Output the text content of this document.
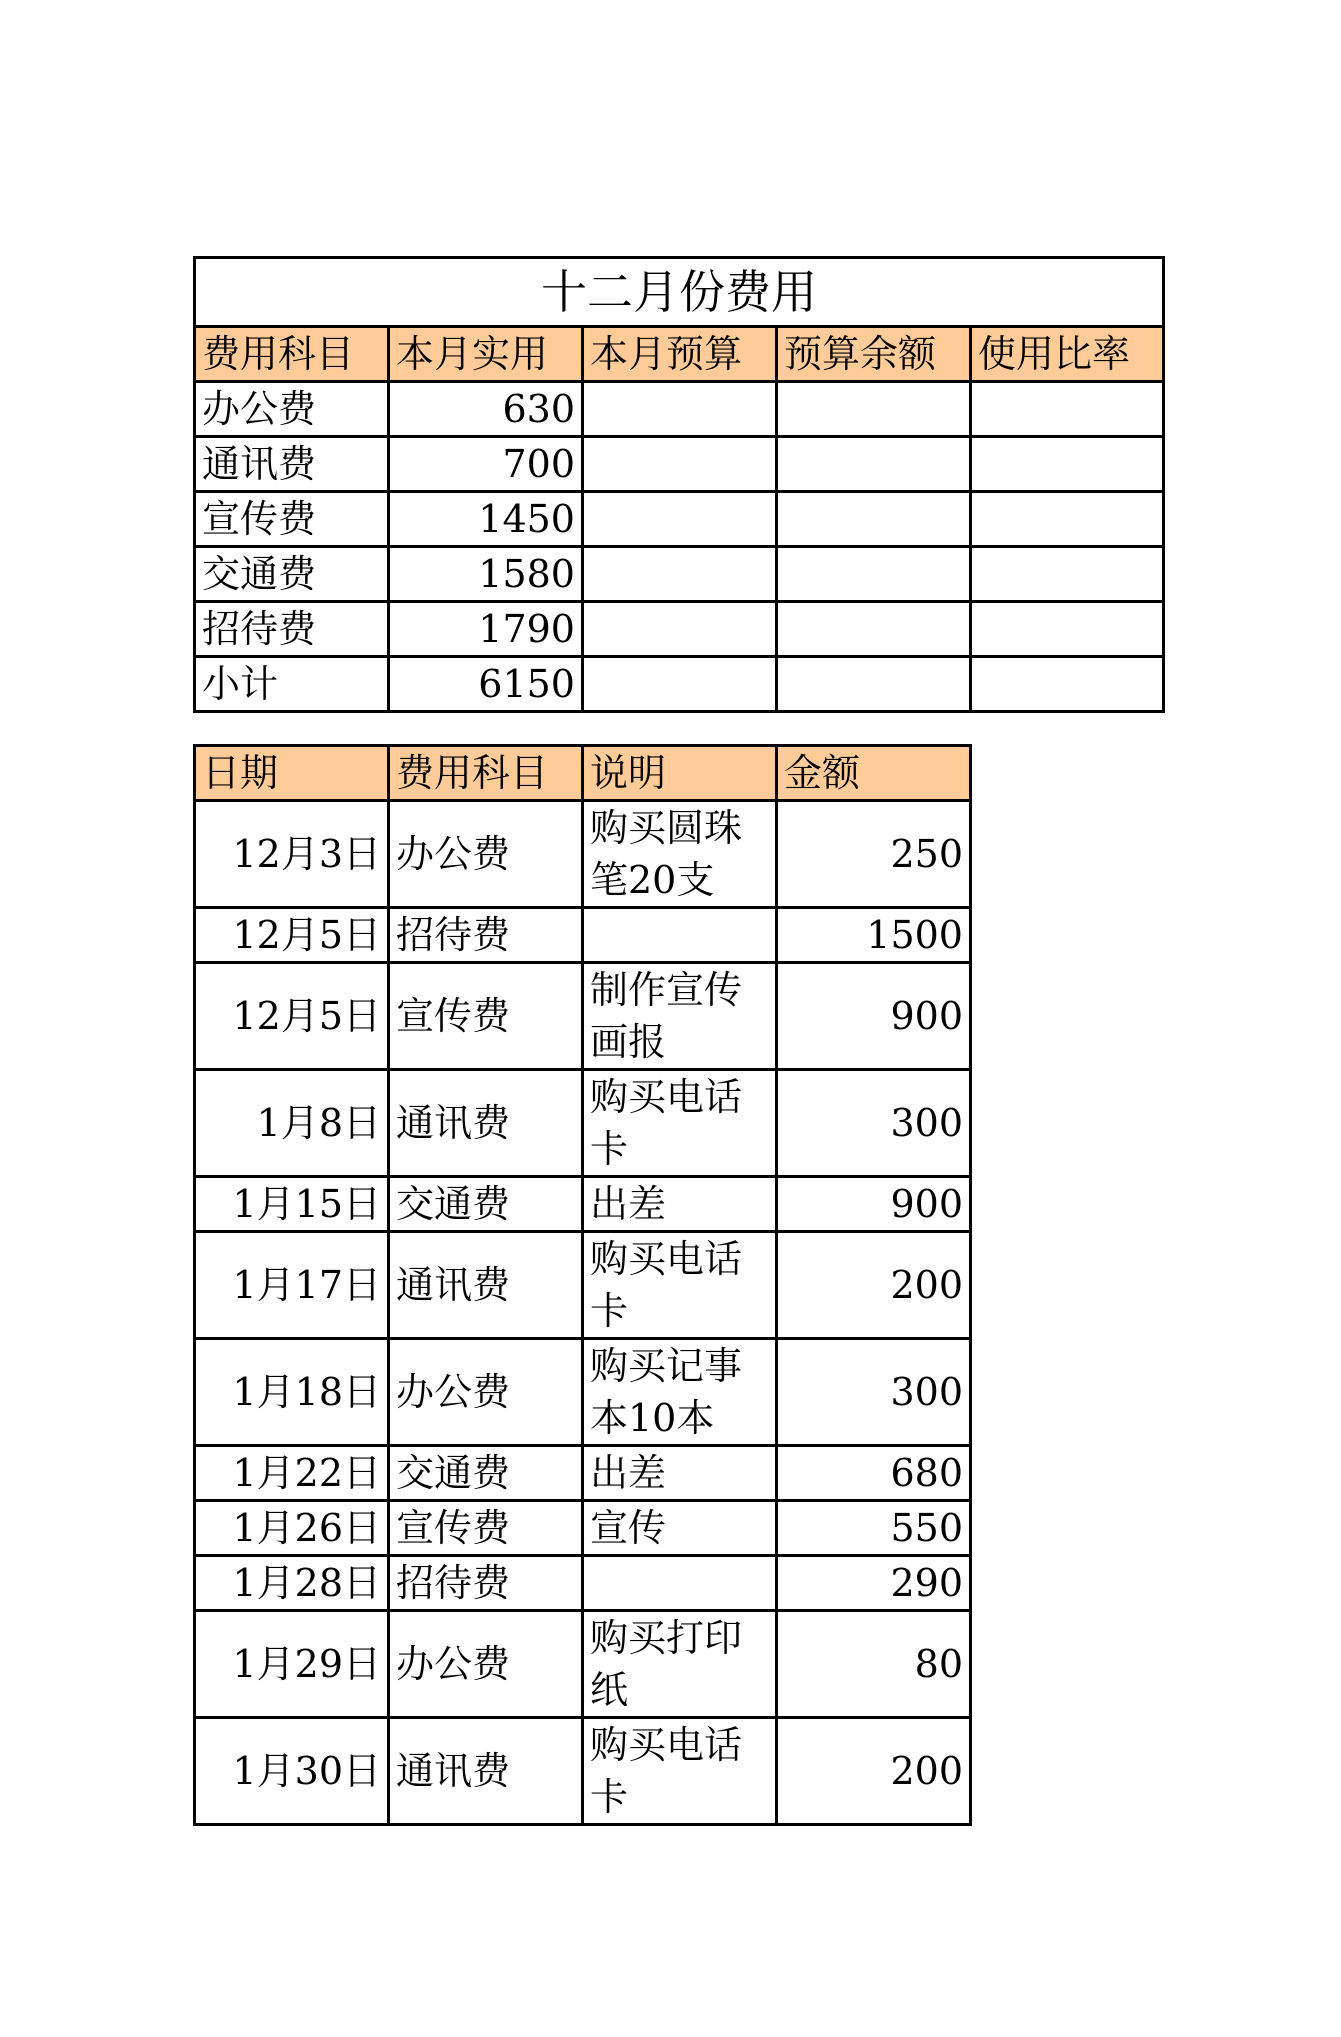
十二月份费用				
费用科目	本月实用	本月预算	预算余额	使用比率
办公费	630			
通讯费	700			
宣传费	1450			
交通费	1580			
招待费	1790			
小计	6150			
日期	费用科目	说明	金额
12月3日	办公费	购买圆珠笔20支	250
12月5日	招待费		1500
12月5日	宣传费	制作宣传画报	900
1月8日	通讯费	购买电话卡	300
1月15日	交通费	出差	900
1月17日	通讯费	购买电话卡	200
1月18日	办公费	购买记事本10本	300
1月22日	交通费	出差	680
1月26日	宣传费	宣传	550
1月28日	招待费		290
1月29日	办公费	购买打印纸	80
1月30日	通讯费	购买电话卡	200
